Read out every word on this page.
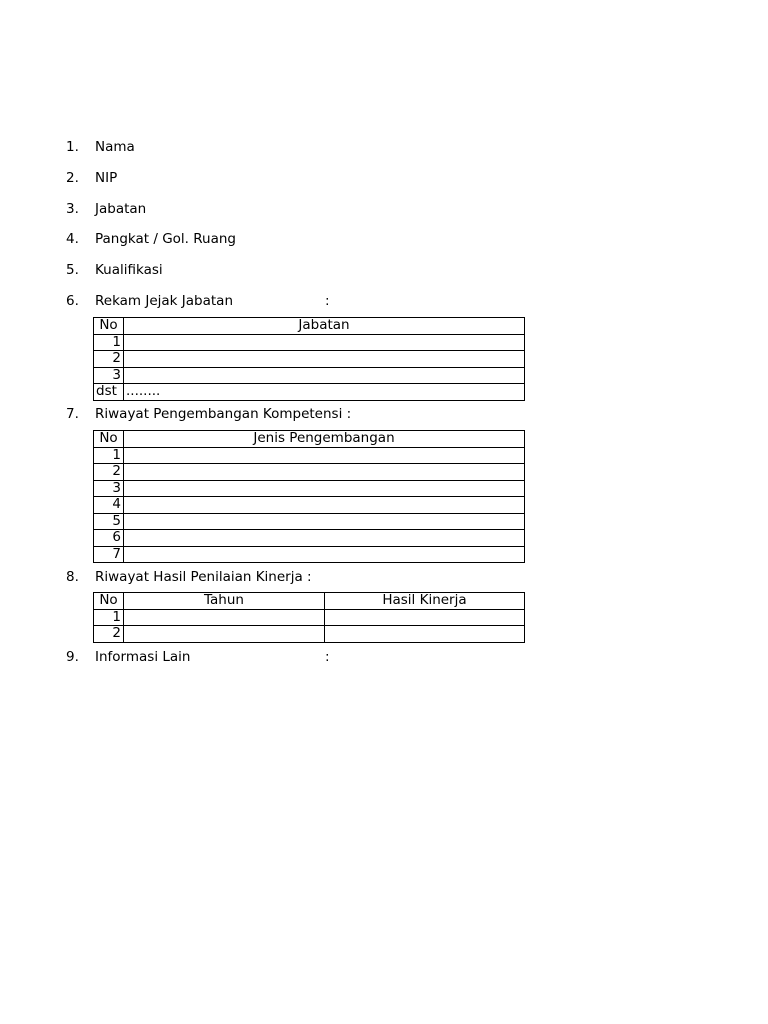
1. Nama
2. NIP
3. Jabatan
4. Pangkat / Gol. Ruang
5. Kualifikasi
6. Rekam Jejak Jabatan	:
No	Jabatan
1	
2	
3	
dst	........
7. Riwayat Pengembangan Kompetensi :
No	Jenis Pengembangan
1	
2	
3	
4	
5	
6	
7	
8. Riwayat Hasil Penilaian Kinerja :
No	Tahun	Hasil Kinerja
1		
2		
9. Informasi Lain	:
